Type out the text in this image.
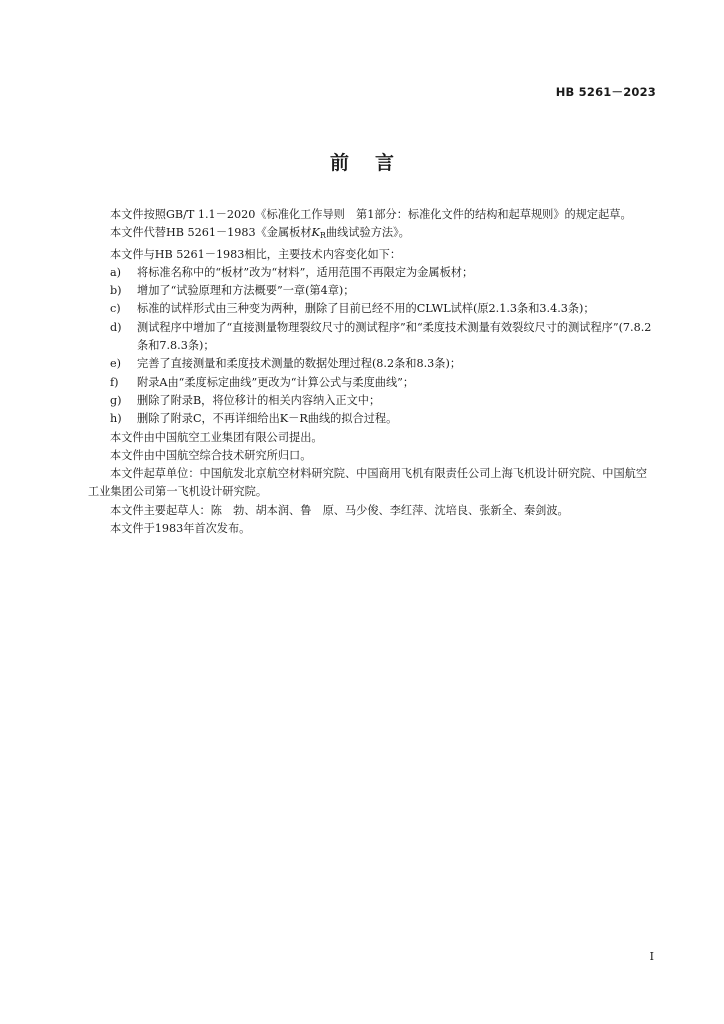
HB 5261－2023
前言

本文件按照GB/T 1.1－2020《标准化工作导则　第1部分：标准化文件的结构和起草规则》的规定起草。

本文件代替HB 5261－1983《金属板材$K_R$曲线试验方法》。

本文件与HB 5261－1983相比，主要技术内容变化如下：

a)	将标准名称中的“板材”改为“材料”，适用范围不再限定为金属板材；
b)	增加了“试验原理和方法概要”一章(第4章)；
c)	标准的试样形式由三种变为两种，删除了目前已经不用的CLWL试样(原2.1.3条和3.4.3条)；
d)	测试程序中增加了“直接测量物理裂纹尺寸的测试程序”和“柔度技术测量有效裂纹尺寸的测试程序”(7.8.2条和7.8.3条)；
e)	完善了直接测量和柔度技术测量的数据处理过程(8.2条和8.3条)；
f)	附录A由“柔度标定曲线”更改为“计算公式与柔度曲线”；
g)	删除了附录B，将位移计的相关内容纳入正文中；
h)	删除了附录C，不再详细给出K－R曲线的拟合过程。

本文件由中国航空工业集团有限公司提出。

本文件由中国航空综合技术研究所归口。

本文件起草单位：中国航发北京航空材料研究院、中国商用飞机有限责任公司上海飞机设计研究院、中国航空工业集团公司第一飞机设计研究院。

本文件主要起草人：陈　勃、胡本润、鲁　原、马少俊、李红萍、沈培良、张新全、秦剑波。

本文件于1983年首次发布。

I
